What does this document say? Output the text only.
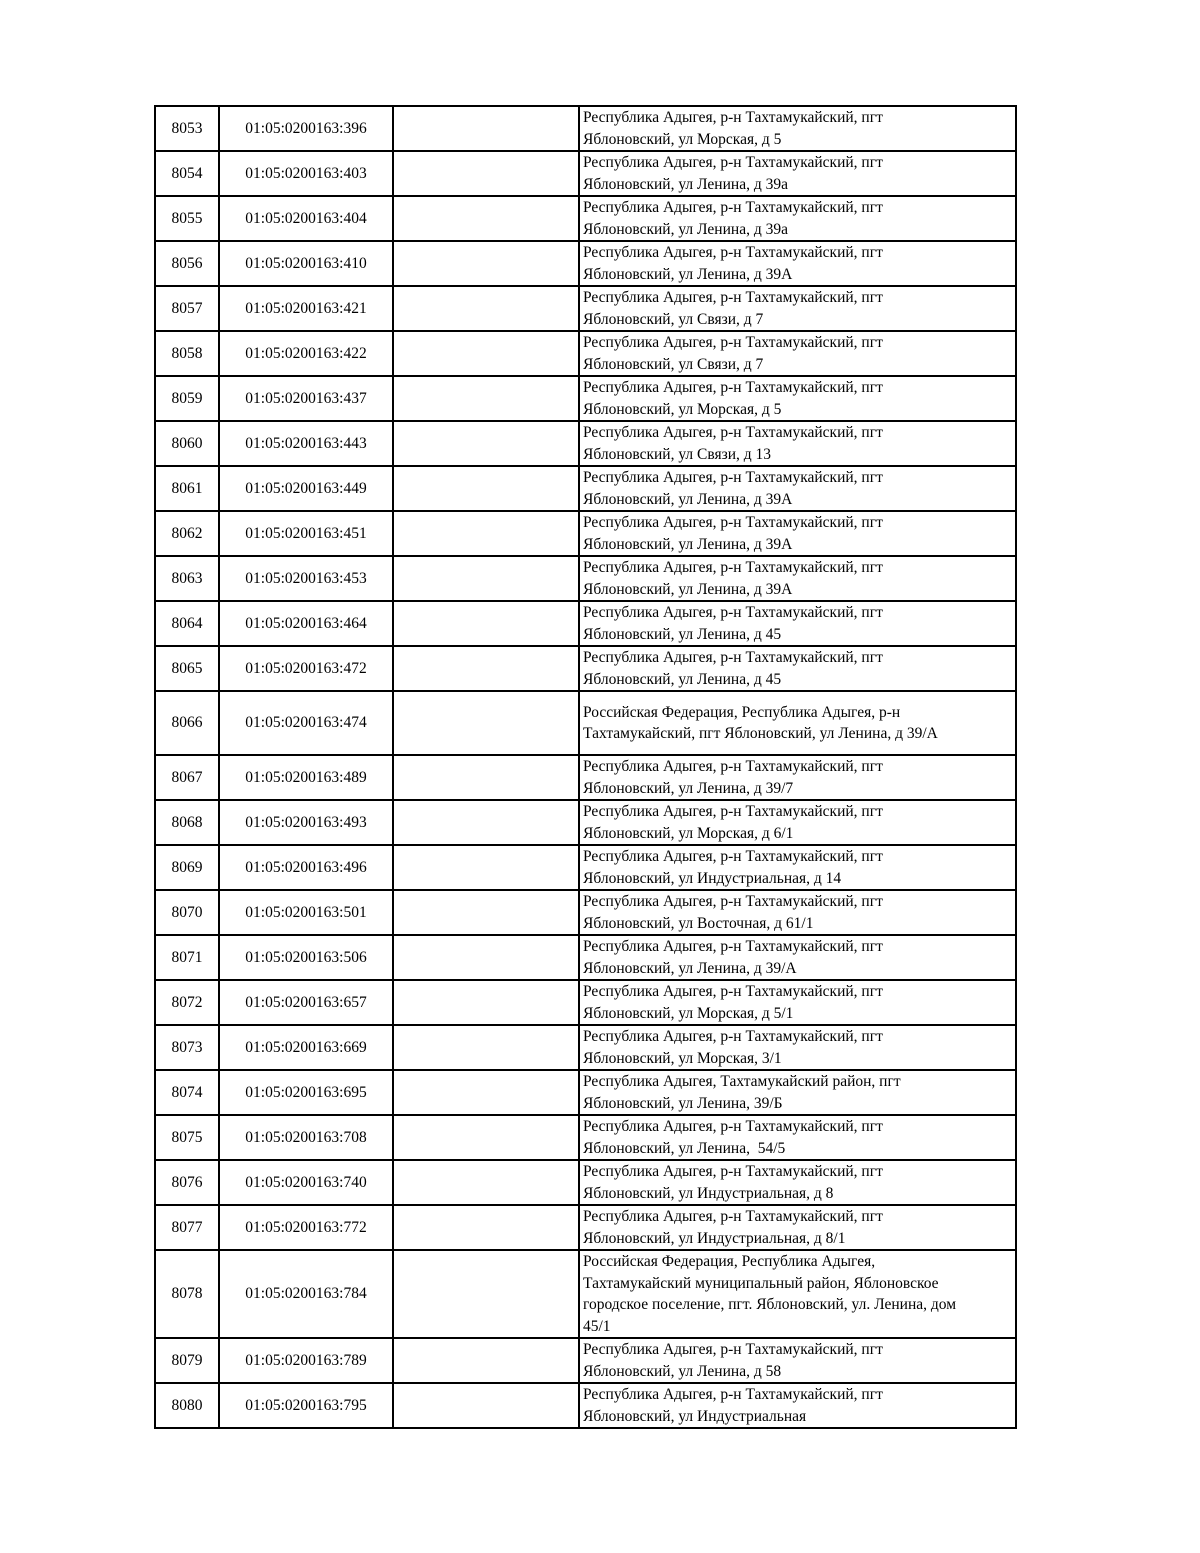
8053	01:05:0200163:396		Республика Адыгея, р-н Тахтамукайский, пгт
Яблоновский, ул Морская, д 5

8054	01:05:0200163:403		Республика Адыгея, р-н Тахтамукайский, пгт
Яблоновский, ул Ленина, д 39а

8055	01:05:0200163:404		Республика Адыгея, р-н Тахтамукайский, пгт
Яблоновский, ул Ленина, д 39а

8056	01:05:0200163:410		Республика Адыгея, р-н Тахтамукайский, пгт
Яблоновский, ул Ленина, д 39А

8057	01:05:0200163:421		Республика Адыгея, р-н Тахтамукайский, пгт
Яблоновский, ул Связи, д 7

8058	01:05:0200163:422		Республика Адыгея, р-н Тахтамукайский, пгт
Яблоновский, ул Связи, д 7

8059	01:05:0200163:437		Республика Адыгея, р-н Тахтамукайский, пгт
Яблоновский, ул Морская, д 5

8060	01:05:0200163:443		Республика Адыгея, р-н Тахтамукайский, пгт
Яблоновский, ул Связи, д 13

8061	01:05:0200163:449		Республика Адыгея, р-н Тахтамукайский, пгт
Яблоновский, ул Ленина, д 39А

8062	01:05:0200163:451		Республика Адыгея, р-н Тахтамукайский, пгт
Яблоновский, ул Ленина, д 39А

8063	01:05:0200163:453		Республика Адыгея, р-н Тахтамукайский, пгт
Яблоновский, ул Ленина, д 39А

8064	01:05:0200163:464		Республика Адыгея, р-н Тахтамукайский, пгт
Яблоновский, ул Ленина, д 45

8065	01:05:0200163:472		Республика Адыгея, р-н Тахтамукайский, пгт
Яблоновский, ул Ленина, д 45

8066	01:05:0200163:474		Российская Федерация, Республика Адыгея, р-н
Тахтамукайский, пгт Яблоновский, ул Ленина, д 39/А

8067	01:05:0200163:489		Республика Адыгея, р-н Тахтамукайский, пгт
Яблоновский, ул Ленина, д 39/7

8068	01:05:0200163:493		Республика Адыгея, р-н Тахтамукайский, пгт
Яблоновский, ул Морская, д 6/1

8069	01:05:0200163:496		Республика Адыгея, р-н Тахтамукайский, пгт
Яблоновский, ул Индустриальная, д 14

8070	01:05:0200163:501		Республика Адыгея, р-н Тахтамукайский, пгт
Яблоновский, ул Восточная, д 61/1

8071	01:05:0200163:506		Республика Адыгея, р-н Тахтамукайский, пгт
Яблоновский, ул Ленина, д 39/А

8072	01:05:0200163:657		Республика Адыгея, р-н Тахтамукайский, пгт
Яблоновский, ул Морская, д 5/1

8073	01:05:0200163:669		Республика Адыгея, р-н Тахтамукайский, пгт
Яблоновский, ул Морская, 3/1

8074	01:05:0200163:695		Республика Адыгея, Тахтамукайский район, пгт
Яблоновский, ул Ленина, 39/Б

8075	01:05:0200163:708		Республика Адыгея, р-н Тахтамукайский, пгт
Яблоновский, ул Ленина,  54/5

8076	01:05:0200163:740		Республика Адыгея, р-н Тахтамукайский, пгт
Яблоновский, ул Индустриальная, д 8

8077	01:05:0200163:772		Республика Адыгея, р-н Тахтамукайский, пгт
Яблоновский, ул Индустриальная, д 8/1

8078	01:05:0200163:784		Российская Федерация, Республика Адыгея,
Тахтамукайский муниципальный район, Яблоновское
городское поселение, пгт. Яблоновский, ул. Ленина, дом
45/1

8079	01:05:0200163:789		Республика Адыгея, р-н Тахтамукайский, пгт
Яблоновский, ул Ленина, д 58

8080	01:05:0200163:795		Республика Адыгея, р-н Тахтамукайский, пгт
Яблоновский, ул Индустриальная
